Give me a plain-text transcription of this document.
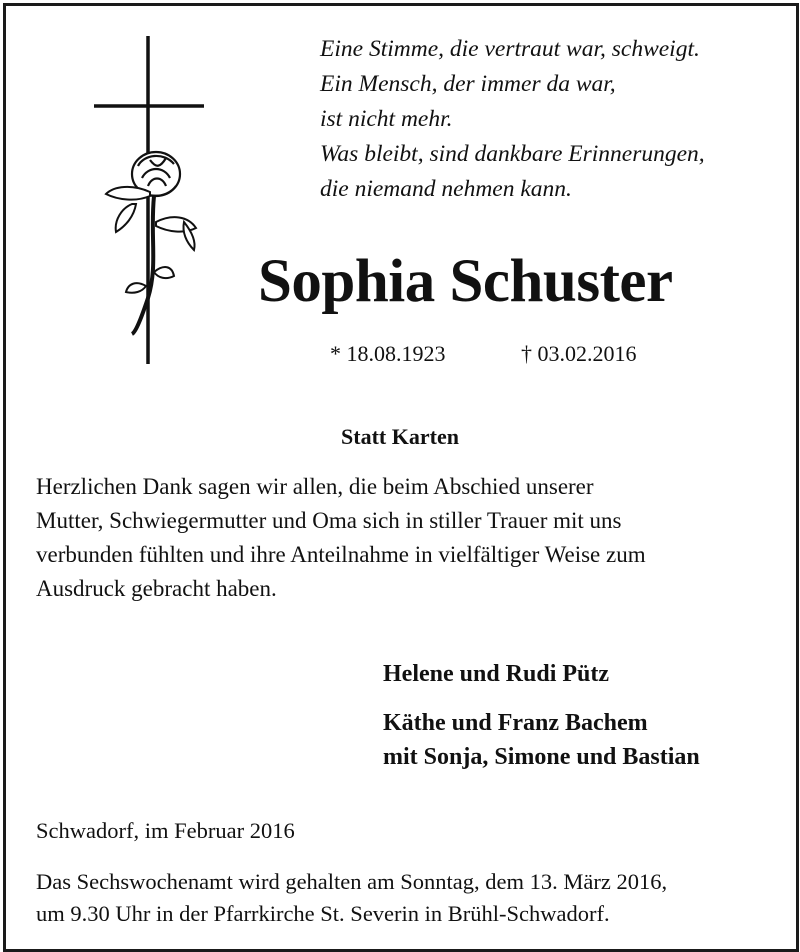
Eine Stimme, die vertraut war, schweigt.
Ein Mensch, der immer da war,
ist nicht mehr.
Was bleibt, sind dankbare Erinnerungen,
die niemand nehmen kann.
Sophia Schuster
* 18.08.1923	† 03.02.2016
Statt Karten
Herzlichen Dank sagen wir allen, die beim Abschied unserer
Mutter, Schwiegermutter und Oma sich in stiller Trauer mit uns
verbunden fühlten und ihre Anteilnahme in vielfältiger Weise zum
Ausdruck gebracht haben.
Helene und Rudi Pütz
Käthe und Franz Bachem
mit Sonja, Simone und Bastian
Schwadorf, im Februar 2016
Das Sechswochenamt wird gehalten am Sonntag, dem 13. März 2016,
um 9.30 Uhr in der Pfarrkirche St. Severin in Brühl-Schwadorf.
